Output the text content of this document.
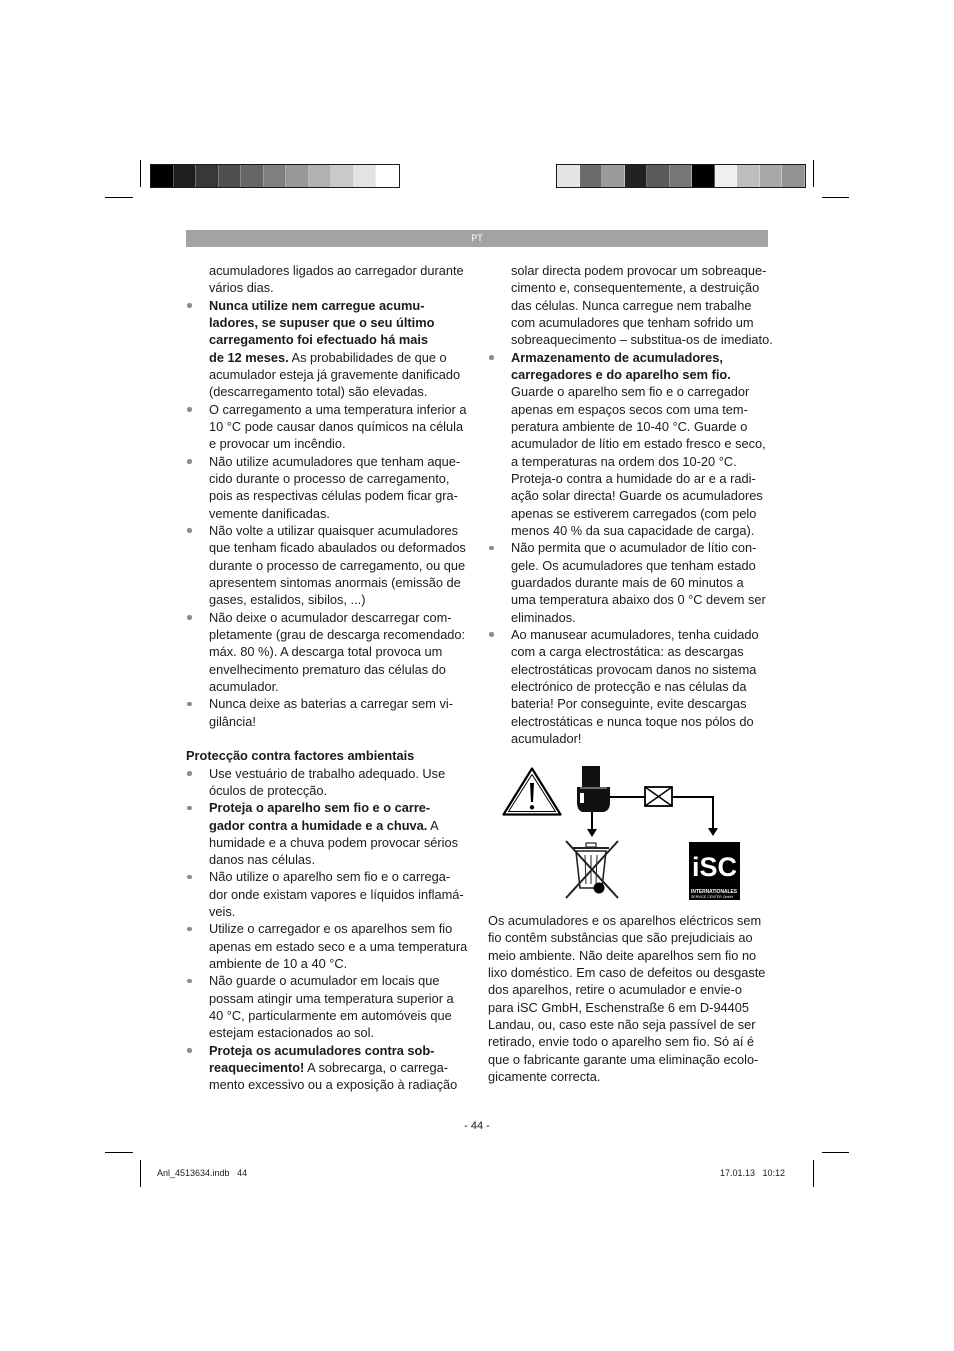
PT
acumuladores ligados ao carregador durante
vários dias.
Nunca utilize nem carregue acumu-
ladores, se supuser que o seu último
carregamento foi efectuado há mais
de 12 meses. As probabilidades de que o
acumulador esteja já gravemente danificado
(descarregamento total) são elevadas.
O carregamento a uma temperatura inferior a
10 °C pode causar danos químicos na célula
e provocar um incêndio.
Não utilize acumuladores que tenham aque-
cido durante o processo de carregamento,
pois as respectivas células podem ficar gra-
vemente danificadas.
Não volte a utilizar quaisquer acumuladores
que tenham ficado abaulados ou deformados
durante o processo de carregamento, ou que
apresentem sintomas anormais (emissão de
gases, estalidos, sibilos, ...)
Não deixe o acumulador descarregar com-
pletamente (grau de descarga recomendado:
máx. 80 %). A descarga total provoca um
envelhecimento prematuro das células do
acumulador.
Nunca deixe as baterias a carregar sem vi-
gilância!
Protecção contra factores ambientais
Use vestuário de trabalho adequado. Use
óculos de protecção.
Proteja o aparelho sem fio e o carre-
gador contra a humidade e a chuva. A
humidade e a chuva podem provocar sérios
danos nas células.
Não utilize o aparelho sem fio e o carrega-
dor onde existam vapores e líquidos inflamá-
veis.
Utilize o carregador e os aparelhos sem fio
apenas em estado seco e a uma temperatura
ambiente de 10 a 40 °C.
Não guarde o acumulador em locais que
possam atingir uma temperatura superior a
40 °C, particularmente em automóveis que
estejam estacionados ao sol.
Proteja os acumuladores contra sob-
reaquecimento! A sobrecarga, o carrega-
mento excessivo ou a exposição à radiação
solar directa podem provocar um sobreaque-
cimento e, consequentemente, a destruição
das células. Nunca carregue nem trabalhe
com acumuladores que tenham sofrido um
sobreaquecimento – substitua-os de imediato.
Armazenamento de acumuladores,
carregadores e do aparelho sem fio.
Guarde o aparelho sem fio e o carregador
apenas em espaços secos com uma tem-
peratura ambiente de 10-40 °C. Guarde o
acumulador de lítio em estado fresco e seco,
a temperaturas na ordem dos 10-20 °C.
Proteja-o contra a humidade do ar e a radi-
ação solar directa! Guarde os acumuladores
apenas se estiverem carregados (com pelo
menos 40 % da sua capacidade de carga).
Não permita que o acumulador de lítio con-
gele. Os acumuladores que tenham estado
guardados durante mais de 60 minutos a
uma temperatura abaixo dos 0 °C devem ser
eliminados.
Ao manusear acumuladores, tenha cuidado
com a carga electrostática: as descargas
electrostáticas provocam danos no sistema
electrónico de protecção e nas células da
bateria! Por conseguinte, evite descargas
electrostáticas e nunca toque nos pólos do
acumulador!
iSC
INTERNATIONALES
SERVICE CENTER GmbH
Os acumuladores e os aparelhos eléctricos sem
fio contêm substâncias que são prejudiciais ao
meio ambiente. Não deite aparelhos sem fio no
lixo doméstico. Em caso de defeitos ou desgaste
dos aparelhos, retire o acumulador e envie-o
para iSC GmbH, Eschenstraße 6 em D-94405
Landau, ou, caso este não seja passível de ser
retirado, envie todo o aparelho sem fio. Só aí é
que o fabricante garante uma eliminação ecolo-
gicamente correcta.
- 44 -
Anl_4513634.indb   44	17.01.13   10:12
